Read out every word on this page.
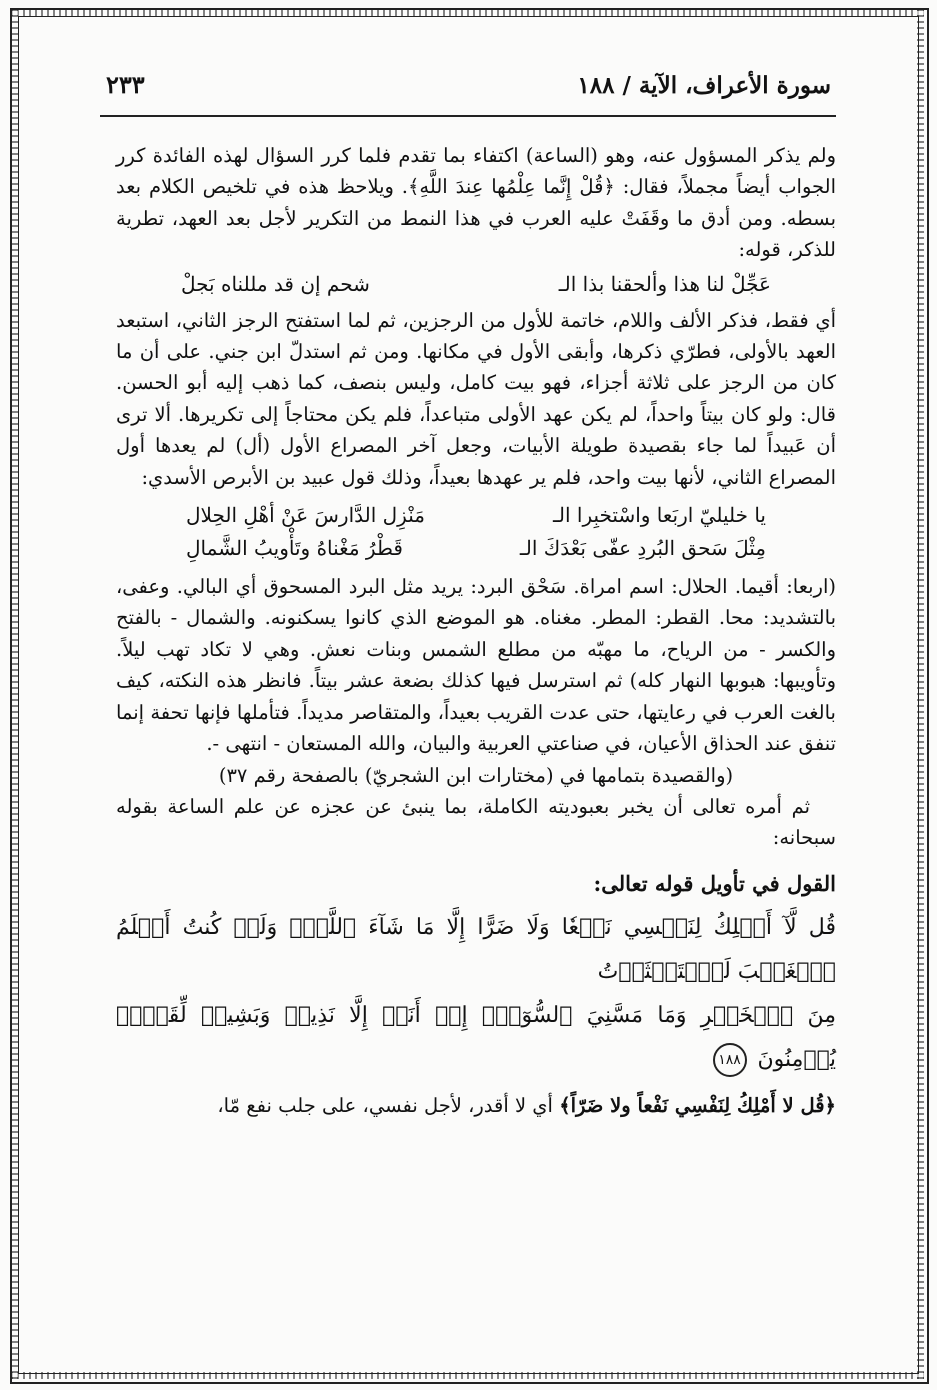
سورة الأعراف، الآية / ١٨٨
٢٣٣

ولم يذكر المسؤول عنه، وهو (الساعة) اكتفاء بما تقدم فلما كرر السؤال لهذه الفائدة كرر الجواب أيضاً مجملاً، فقال: ﴿قُلْ إِنَّما عِلْمُها عِندَ اللَّهِ﴾. ويلاحظ هذه في تلخيص الكلام بعد بسطه. ومن أدق ما وقَفَتْ عليه العرب في هذا النمط من التكرير لأجل بعد العهد، تطرية للذكر، قوله:

عَجِّلْ لنا هذا وألحقنا بذا الـ
شحم إن قد مللناه بَجلْ

أي فقط، فذكر الألف واللام، خاتمة للأول من الرجزين، ثم لما استفتح الرجز الثاني، استبعد العهد بالأولى، فطرّي ذكرها، وأبقى الأول في مكانها. ومن ثم استدلّ ابن جني. على أن ما كان من الرجز على ثلاثة أجزاء، فهو بيت كامل، وليس بنصف، كما ذهب إليه أبو الحسن. قال: ولو كان بيتاً واحداً، لم يكن عهد الأولى متباعداً، فلم يكن محتاجاً إلى تكريرها. ألا ترى أن عَبيداً لما جاء بقصيدة طويلة الأبيات، وجعل آخر المصراع الأول (أل) لم يعدها أول المصراع الثاني، لأنها بيت واحد، فلم ير عهدها بعيداً، وذلك قول عبيد بن الأبرص الأسدي:

يا خليليّ اربَعا واسْتخبِرا الـ
مَنْزِل الدَّارسَ عَنْ أهْلِ الحِلال
مِثْلَ سَحق البُردِ عفّى بَعْدَكَ الـ
قَطْرُ مَغْناهُ وتَأْويبُ الشَّمالِ

(اربعا: أقيما. الحلال: اسم امراة. سَحْق البرد: يريد مثل البرد المسحوق أي البالي. وعفى، بالتشديد: محا. القطر: المطر. مغناه. هو الموضع الذي كانوا يسكنونه. والشمال - بالفتح والكسر - من الرياح، ما مهبّه من مطلع الشمس وبنات نعش. وهي لا تكاد تهب ليلاً. وتأويبها: هبوبها النهار كله) ثم استرسل فيها كذلك بضعة عشر بيتاً. فانظر هذه النكته، كيف بالغت العرب في رعايتها، حتى عدت القريب بعيداً، والمتقاصر مديداً. فتأملها فإنها تحفة إنما تنفق عند الحذاق الأعيان، في صناعتي العربية والبيان، والله المستعان - انتهى -.

(والقصيدة بتمامها في (مختارات ابن الشجريّ) بالصفحة رقم ٣٧)

ثم أمره تعالى أن يخبر بعبوديته الكاملة، بما ينبئ عن عجزه عن علم الساعة بقوله سبحانه:

القول في تأويل قوله تعالى:

قُل لَّآ أَمۡلِكُ لِنَفۡسِي نَفۡعٗا وَلَا ضَرًّا إِلَّا مَا شَآءَ ٱللَّهُۚ وَلَوۡ كُنتُ أَعۡلَمُ ٱلۡغَيۡبَ لَٱسۡتَكۡثَرۡتُ

مِنَ ٱلۡخَيۡرِ وَمَا مَسَّنِيَ ٱلسُّوٓءُۚ إِنۡ أَنَا۠ إِلَّا نَذِيرٞ وَبَشِيرٞ لِّقَوۡمٖ يُؤۡمِنُونَ ١٨٨

﴿قُل لا أَمْلِكُ لِنَفْسِي نَفْعاً ولا ضَرّاً﴾ أي لا أقدر، لأجل نفسي، على جلب نفع مّا،
